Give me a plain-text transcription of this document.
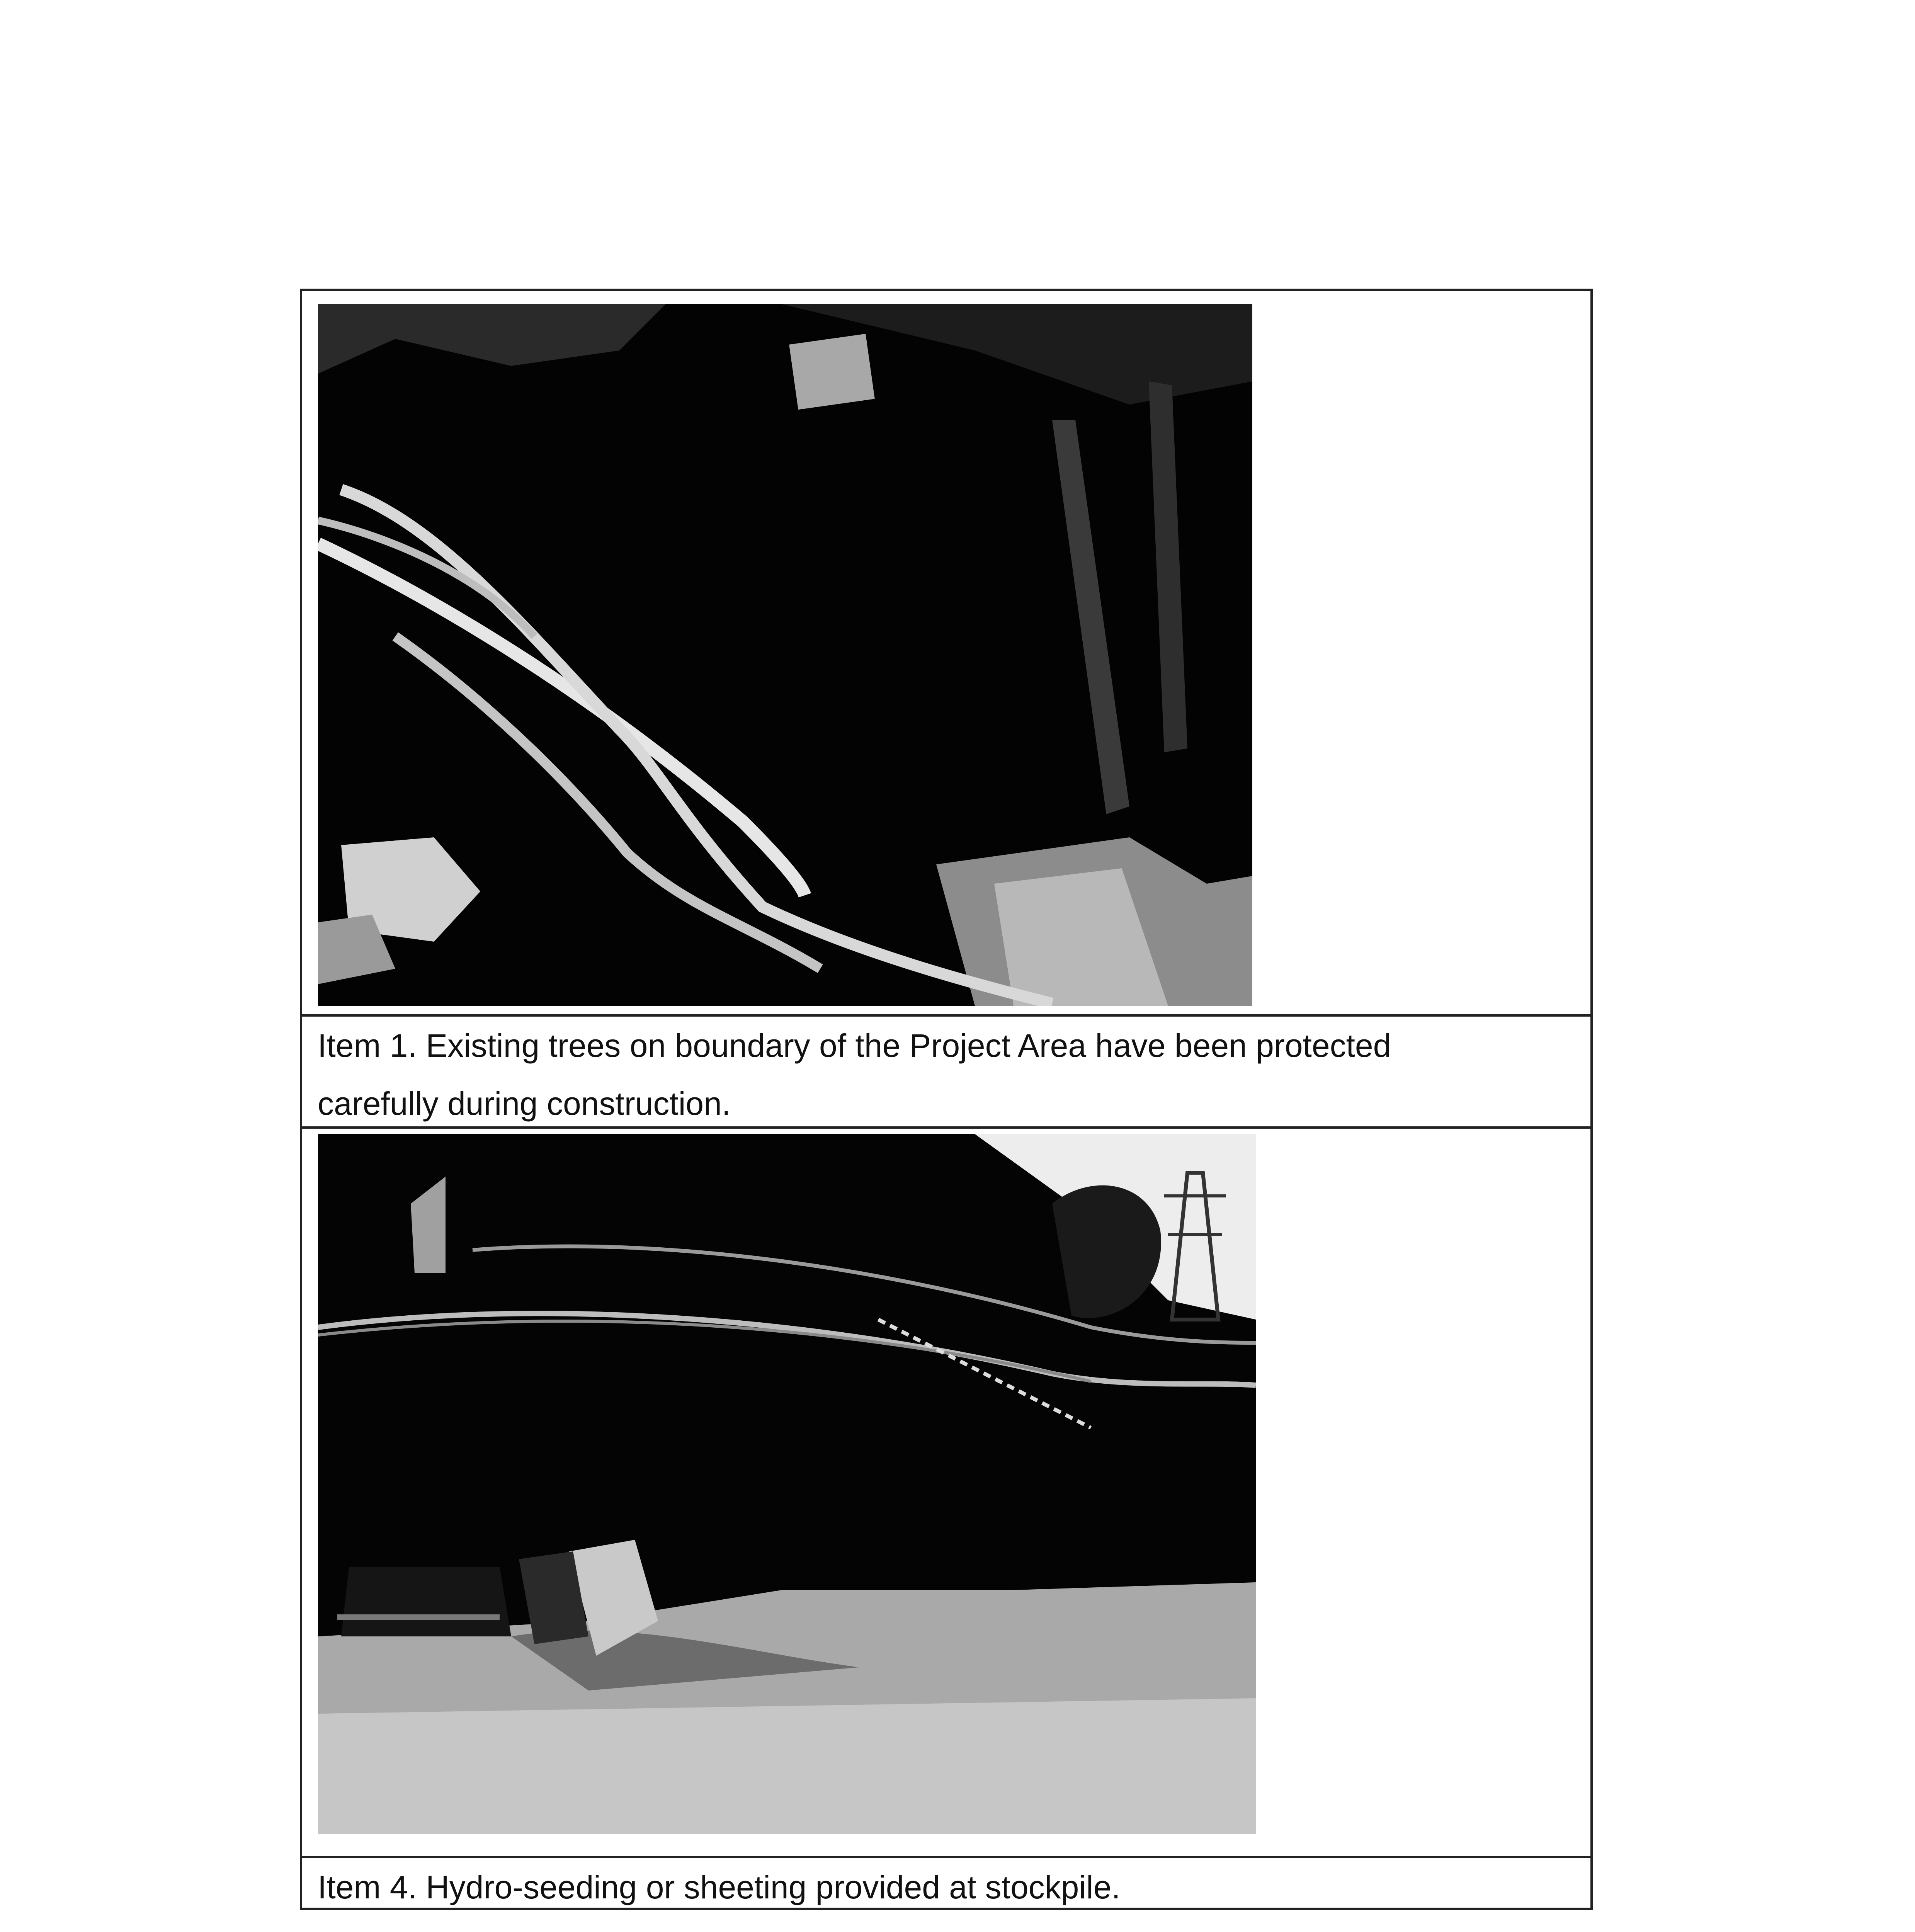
Item 1. Existing trees on boundary of the Project Area have been protected
carefully during construction.
Item 4. Hydro-seeding or sheeting provided at stockpile.
